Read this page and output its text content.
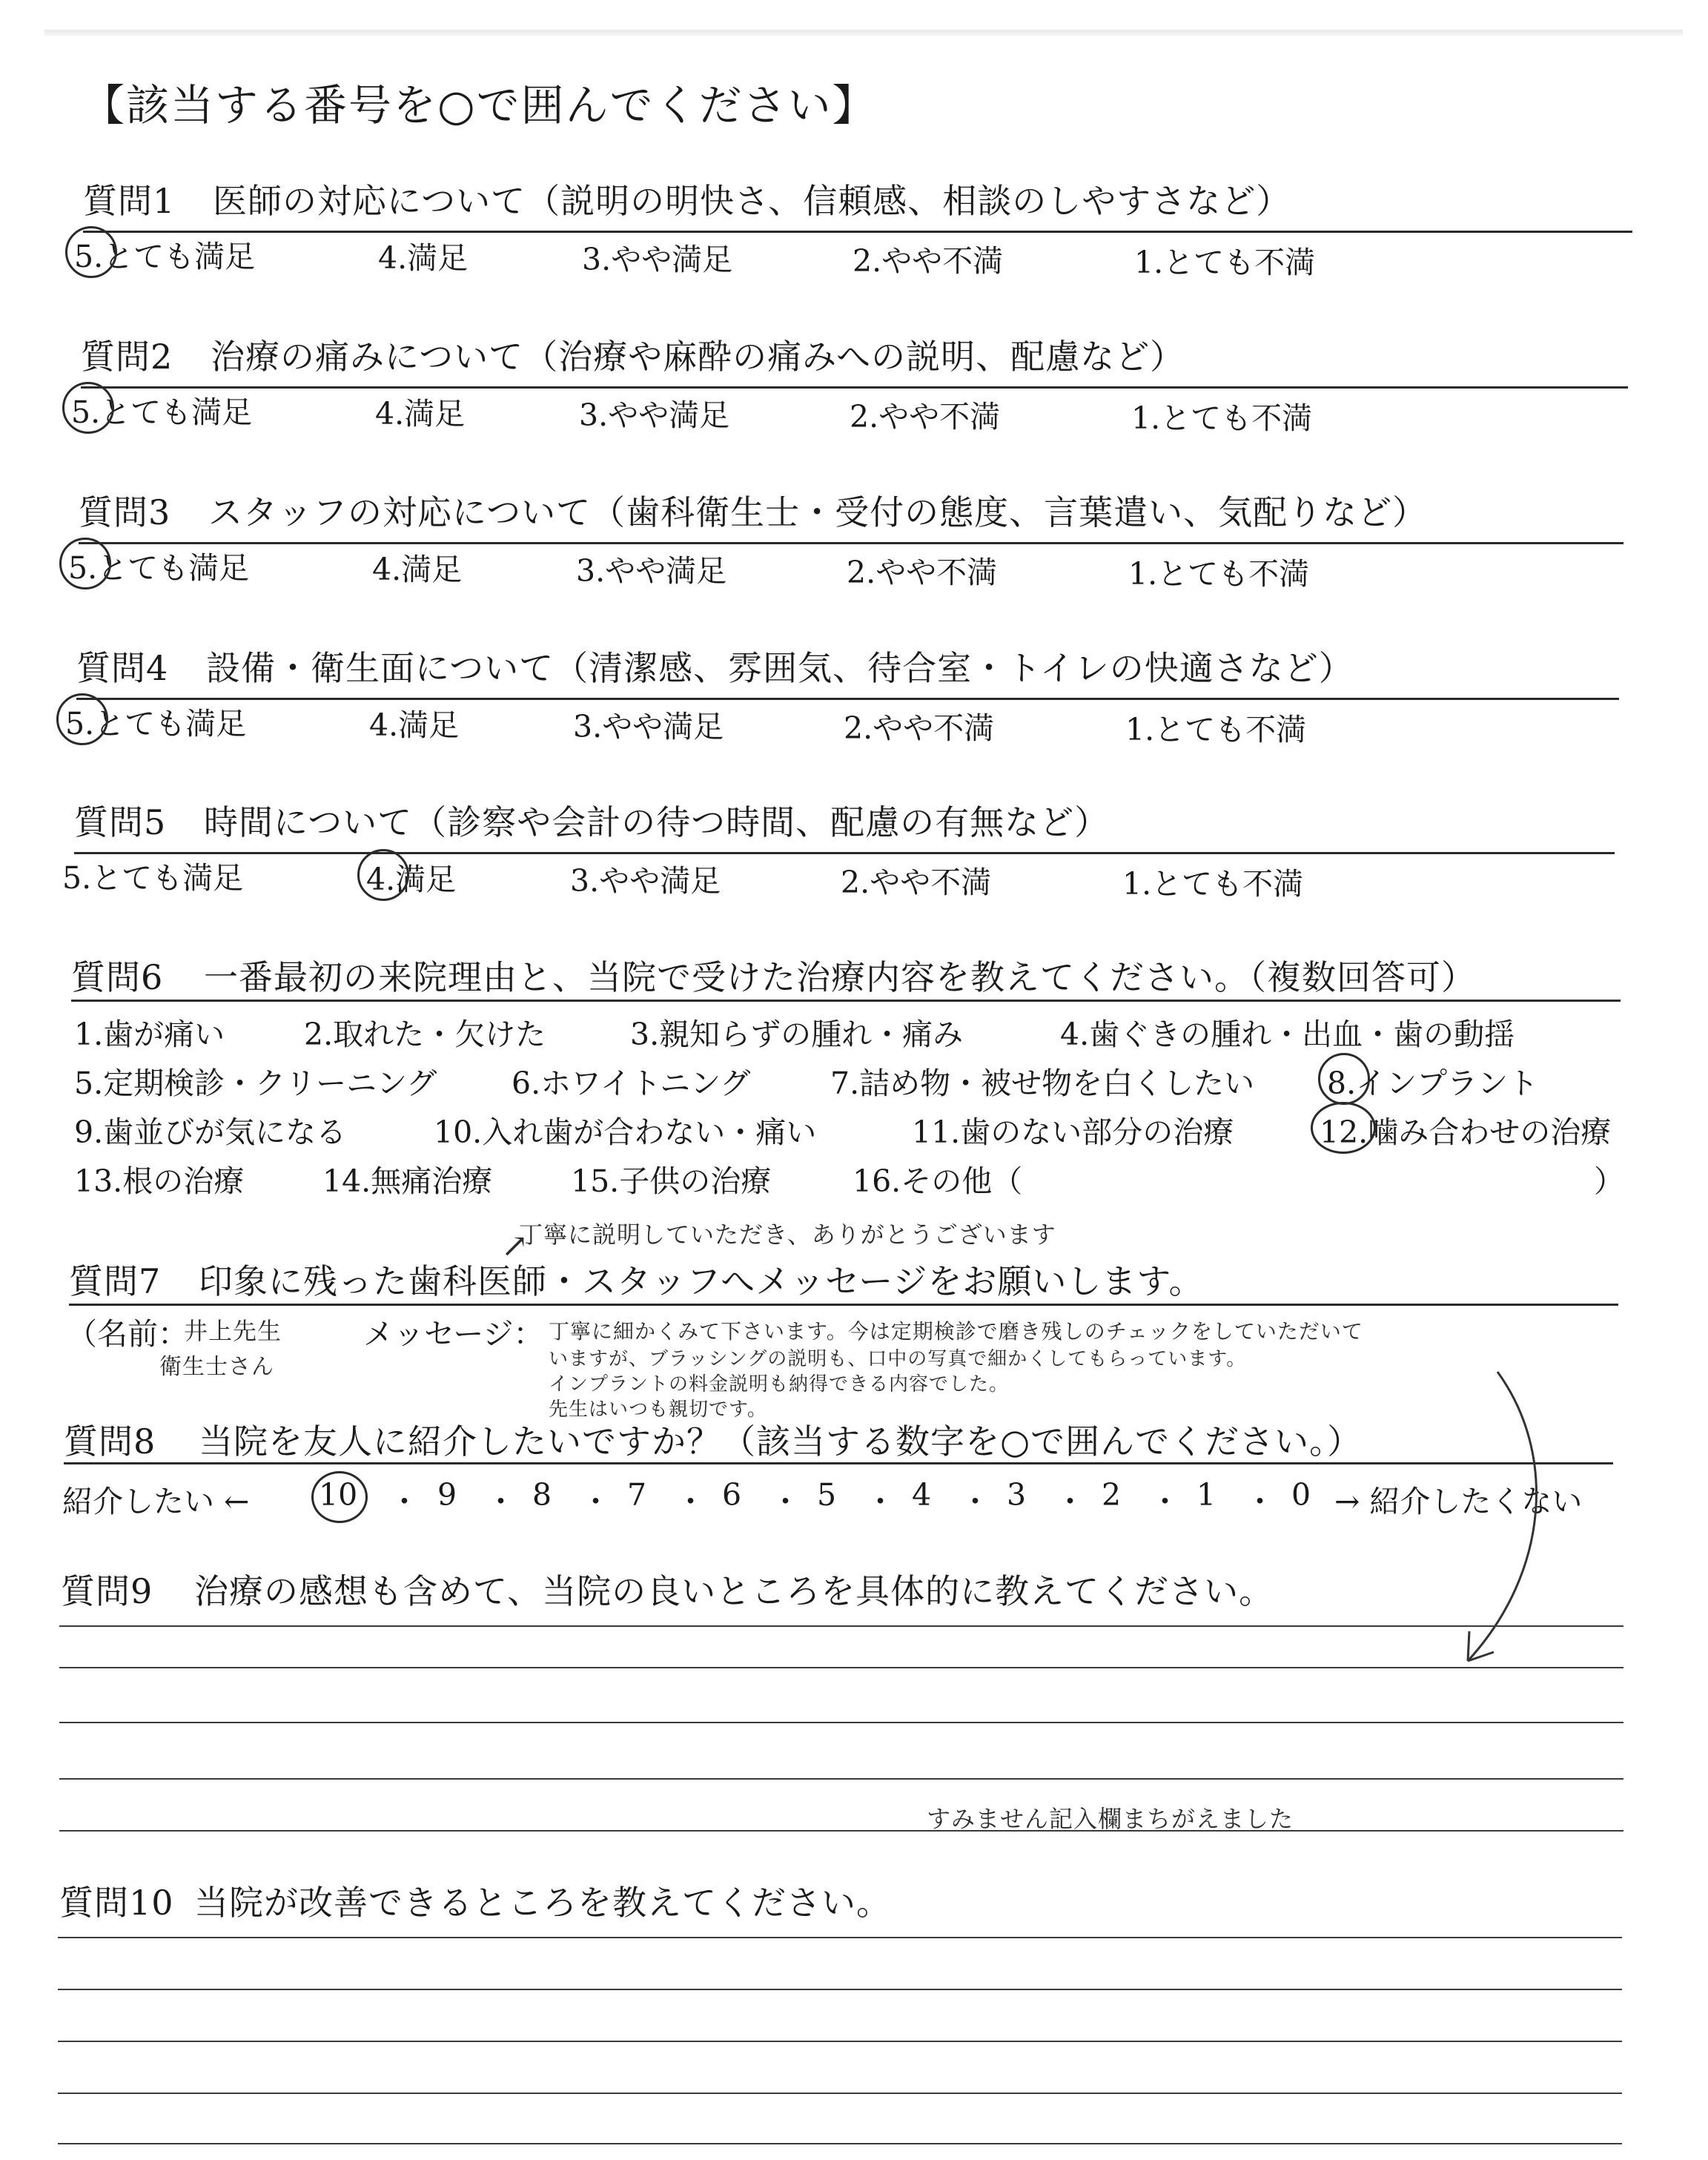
【該当する番号を○で囲んでください】
質問1 医師の対応について（説明の明快さ、信頼感、相談のしやすさなど）
5.とても満足	4.満足	3.やや満足	2.やや不満	1.とても不満
質問2 治療の痛みについて（治療や麻酔の痛みへの説明、配慮など）
5.とても満足	4.満足	3.やや満足	2.やや不満	1.とても不満
質問3 スタッフの対応について（歯科衛生士・受付の態度、言葉遣い、気配りなど）
5.とても満足	4.満足	3.やや満足	2.やや不満	1.とても不満
質問4 設備・衛生面について（清潔感、雰囲気、待合室・トイレの快適さなど）
5.とても満足	4.満足	3.やや満足	2.やや不満	1.とても不満
質問5 時間について（診察や会計の待つ時間、配慮の有無など）
5.とても満足	4.満足	3.やや満足	2.やや不満	1.とても不満
質問6 一番最初の来院理由と、当院で受けた治療内容を教えてください。（複数回答可）
1.歯が痛い	2.取れた・欠けた	3.親知らずの腫れ・痛み	4.歯ぐきの腫れ・出血・歯の動揺
5.定期検診・クリーニング 6.ホワイトニング	7.詰め物・被せ物を白くしたい 8.インプラント
9.歯並びが気になる	10.入れ歯が合わない・痛い	11.歯のない部分の治療	12.噛み合わせの治療
13.根の治療	14.無痛治療	15.子供の治療	16.その他（	）
丁寧に説明していただき、ありがとうございます
↗
質問7 印象に残った歯科医師・スタッフへメッセージをお願いします。
（名前：
井上先生
衛生士さん
メッセージ： 丁寧に細かくみて下さいます。今は定期検診で磨き残しのチェックをしていただいて
いますが、ブラッシングの説明も、口中の写真で細かくしてもらっています。
インプラントの料金説明も納得できる内容でした。
先生はいつも親切です。
質問8 当院を友人に紹介したいですか？（該当する数字を○で囲んでください。）
紹介したい ← 10 ・ 9 ・ 8 ・ 7 ・ 6 ・ 5 ・ 4 ・ 3 ・ 2 ・ 1 ・ 0 → 紹介したくない
質問9 治療の感想も含めて、当院の良いところを具体的に教えてください。
すみません記入欄まちがえました
質問10 当院が改善できるところを教えてください。
